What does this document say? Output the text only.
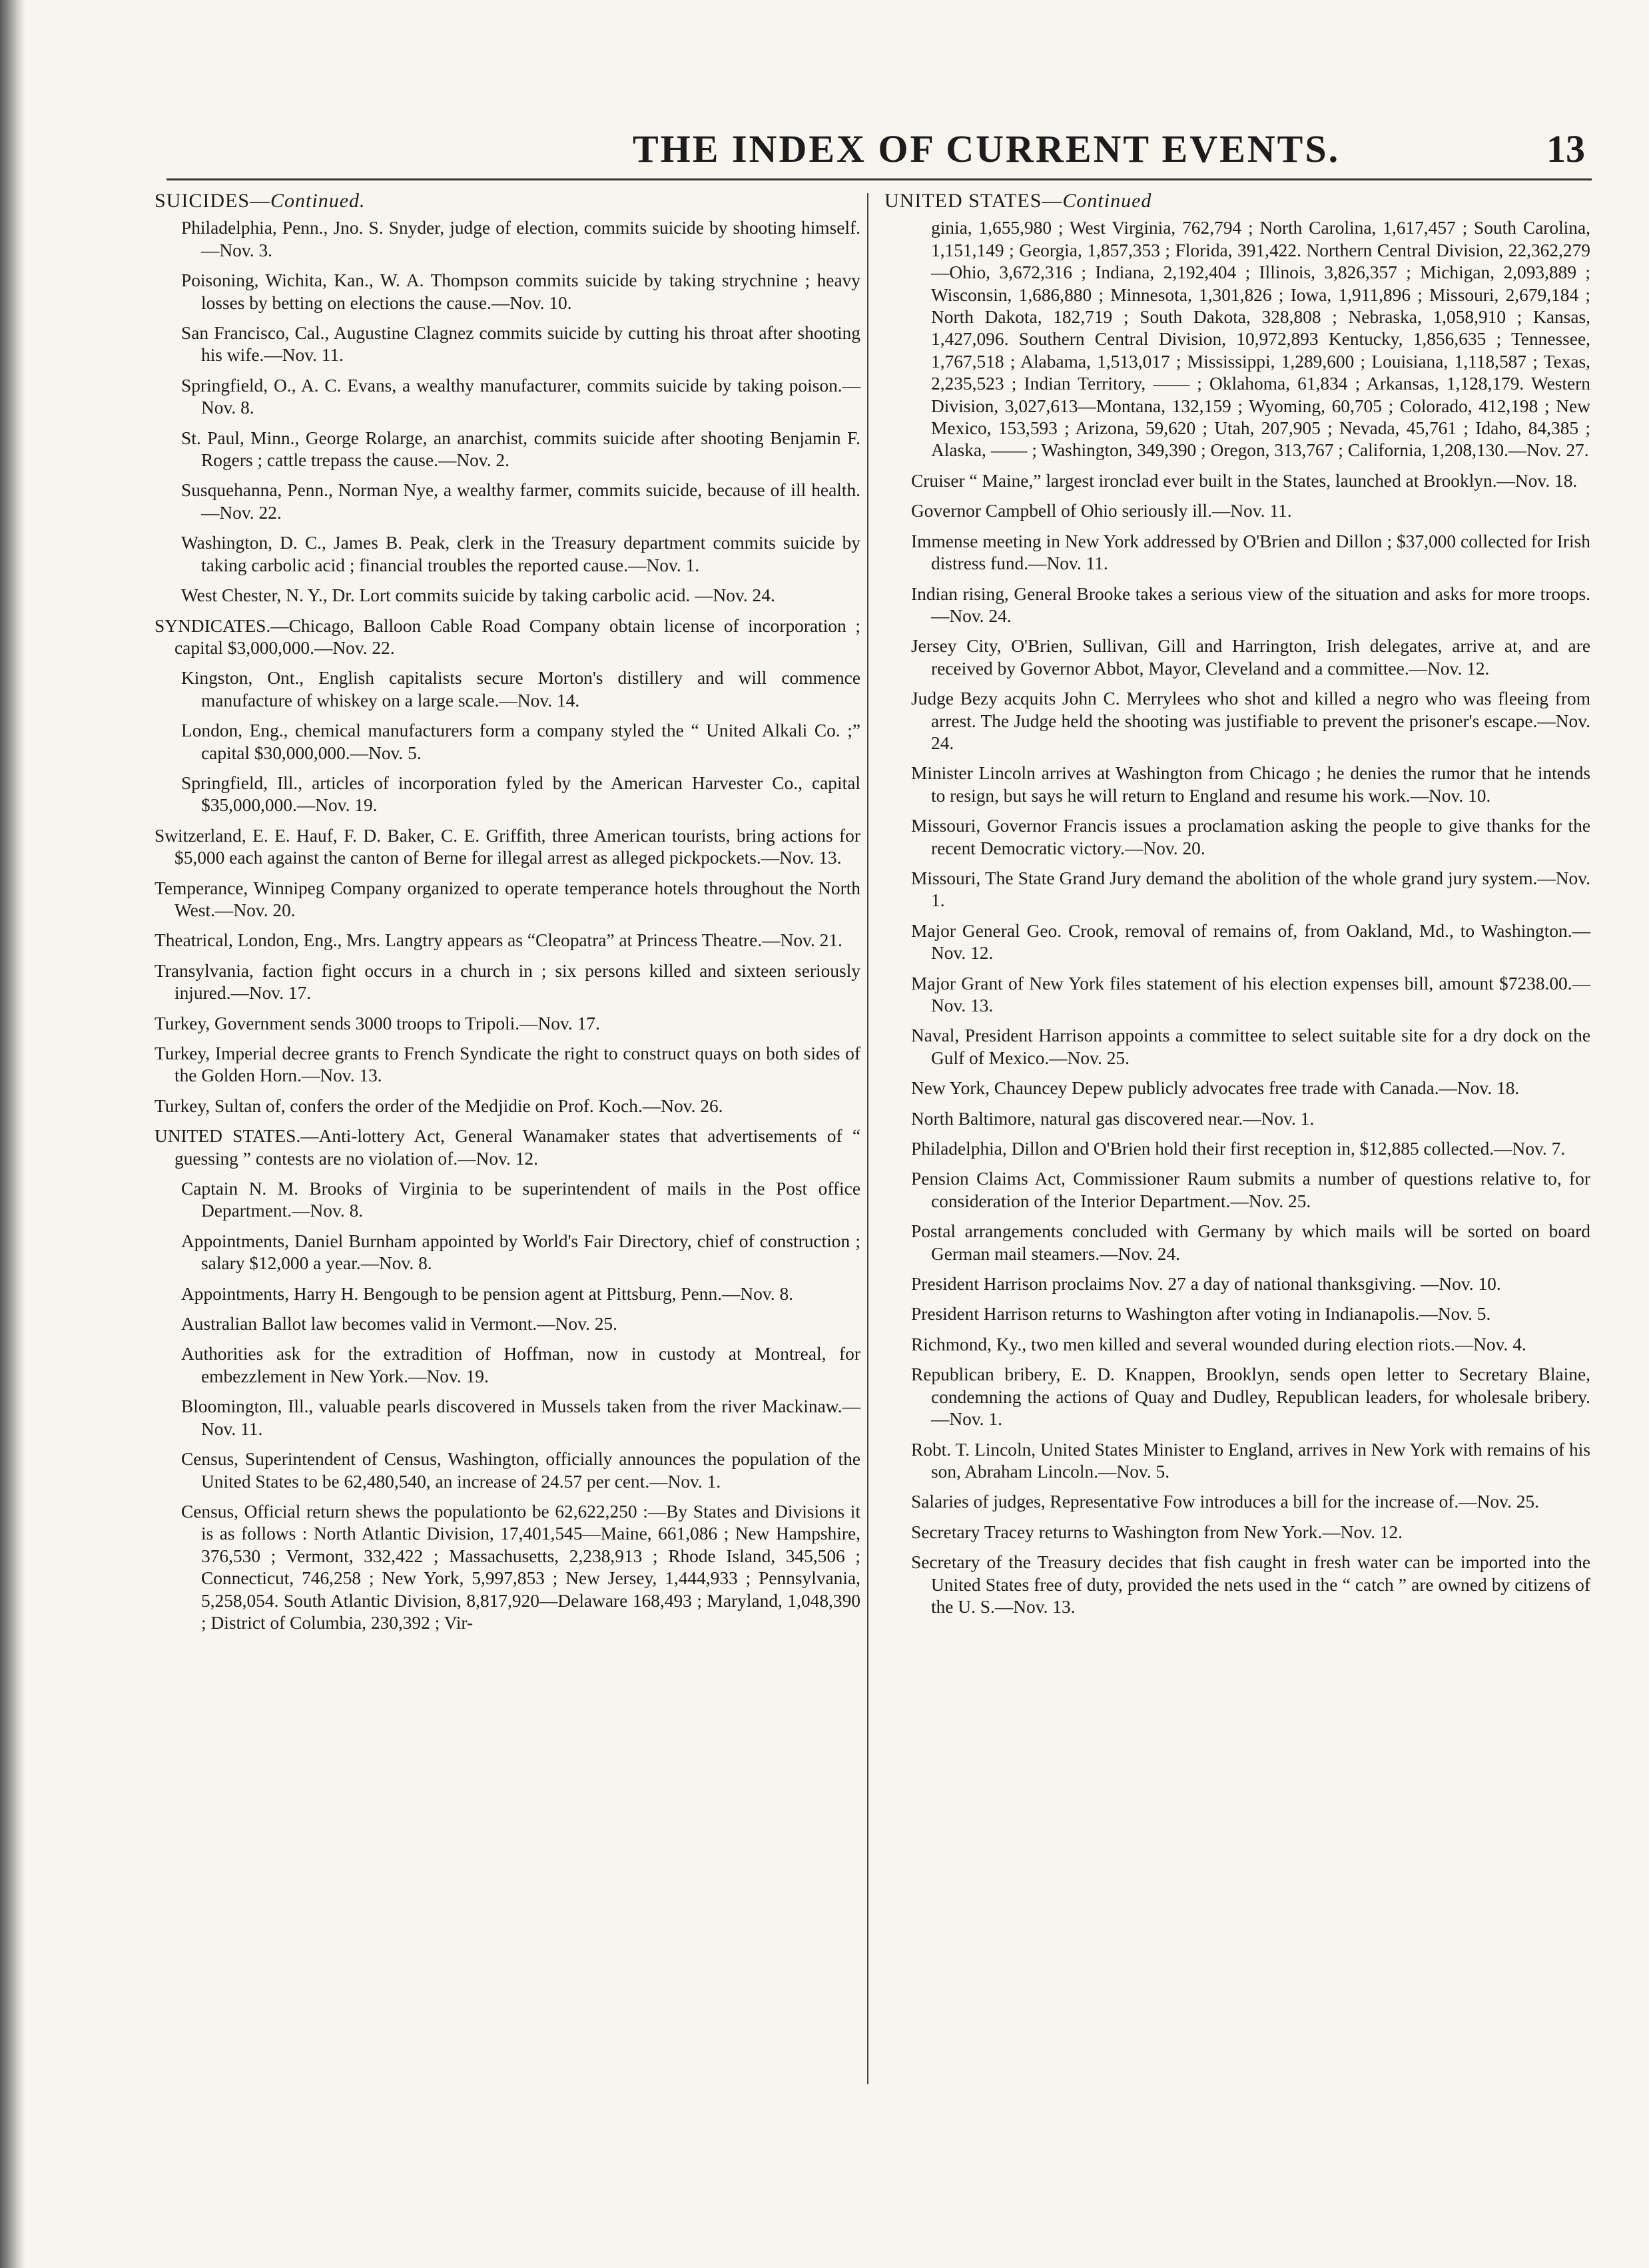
THE INDEX OF CURRENT EVENTS.	13
SUICIDES—Continued.

Philadelphia, Penn., Jno. S. Snyder, judge of election, commits suicide by shooting himself.—Nov. 3.

Poisoning, Wichita, Kan., W. A. Thompson commits suicide by taking strychnine ; heavy losses by betting on elections the cause.—Nov. 10.

San Francisco, Cal., Augustine Clagnez commits suicide by cutting his throat after shooting his wife.—Nov. 11.

Springfield, O., A. C. Evans, a wealthy manufacturer, commits suicide by taking poison.—Nov. 8.

St. Paul, Minn., George Rolarge, an anarchist, commits suicide after shooting Benjamin F. Rogers ; cattle trepass the cause.—Nov. 2.

Susquehanna, Penn., Norman Nye, a wealthy farmer, commits suicide, because of ill health.—Nov. 22.

Washington, D. C., James B. Peak, clerk in the Treasury department commits suicide by taking carbolic acid ; financial troubles the reported cause.—Nov. 1.

West Chester, N. Y., Dr. Lort commits suicide by taking carbolic acid. —Nov. 24.

SYNDICATES.—Chicago, Balloon Cable Road Company obtain license of incorporation ; capital $3,000,000.—Nov. 22.

Kingston, Ont., English capitalists secure Morton's distillery and will commence manufacture of whiskey on a large scale.—Nov. 14.

London, Eng., chemical manufacturers form a company styled the “ United Alkali Co. ;” capital $30,000,000.—Nov. 5.

Springfield, Ill., articles of incorporation fyled by the American Harvester Co., capital $35,000,000.—Nov. 19.

Switzerland, E. E. Hauf, F. D. Baker, C. E. Griffith, three American tourists, bring actions for $5,000 each against the canton of Berne for illegal arrest as alleged pickpockets.—Nov. 13.

Temperance, Winnipeg Company organized to operate temperance hotels throughout the North West.—Nov. 20.

Theatrical, London, Eng., Mrs. Langtry appears as “Cleopatra” at Princess Theatre.—Nov. 21.

Transylvania, faction fight occurs in a church in ; six persons killed and sixteen seriously injured.—Nov. 17.

Turkey, Government sends 3000 troops to Tripoli.—Nov. 17.

Turkey, Imperial decree grants to French Syndicate the right to construct quays on both sides of the Golden Horn.—Nov. 13.

Turkey, Sultan of, confers the order of the Medjidie on Prof. Koch.—Nov. 26.

UNITED STATES.—Anti-lottery Act, General Wanamaker states that advertisements of “ guessing ” contests are no violation of.—Nov. 12.

Captain N. M. Brooks of Virginia to be superintendent of mails in the Post office Department.—Nov. 8.

Appointments, Daniel Burnham appointed by World's Fair Directory, chief of construction ; salary $12,000 a year.—Nov. 8.

Appointments, Harry H. Bengough to be pension agent at Pittsburg, Penn.—Nov. 8.

Australian Ballot law becomes valid in Vermont.—Nov. 25.

Authorities ask for the extradition of Hoffman, now in custody at Montreal, for embezzlement in New York.—Nov. 19.

Bloomington, Ill., valuable pearls discovered in Mussels taken from the river Mackinaw.—Nov. 11.

Census, Superintendent of Census, Washington, officially announces the population of the United States to be 62,480,540, an increase of 24.57 per cent.—Nov. 1.

Census, Official return shews the populationto be 62,622,250 :—By States and Divisions it is as follows : North Atlantic Division, 17,401,545—Maine, 661,086 ; New Hampshire, 376,530 ; Vermont, 332,422 ; Massachusetts, 2,238,913 ; Rhode Island, 345,506 ; Connecticut, 746,258 ; New York, 5,997,853 ; New Jersey, 1,444,933 ; Pennsylvania, 5,258,054. South Atlantic Division, 8,817,920—Delaware 168,493 ; Maryland, 1,048,390 ; District of Columbia, 230,392 ; Vir-

UNITED STATES—Continued

ginia, 1,655,980 ; West Virginia, 762,794 ; North Carolina, 1,617,457 ; South Carolina, 1,151,149 ; Georgia, 1,857,353 ; Florida, 391,422. Northern Central Division, 22,362,279—Ohio, 3,672,316 ; Indiana, 2,192,404 ; Illinois, 3,826,357 ; Michigan, 2,093,889 ; Wisconsin, 1,686,880 ; Minnesota, 1,301,826 ; Iowa, 1,911,896 ; Missouri, 2,679,184 ; North Dakota, 182,719 ; South Dakota, 328,808 ; Nebraska, 1,058,910 ; Kansas, 1,427,096. Southern Central Division, 10,972,893 Kentucky, 1,856,635 ; Tennessee, 1,767,518 ; Alabama, 1,513,017 ; Mississippi, 1,289,600 ; Louisiana, 1,118,587 ; Texas, 2,235,523 ; Indian Territory, —— ; Oklahoma, 61,834 ; Arkansas, 1,128,179. Western Division, 3,027,613—Montana, 132,159 ; Wyoming, 60,705 ; Colorado, 412,198 ; New Mexico, 153,593 ; Arizona, 59,620 ; Utah, 207,905 ; Nevada, 45,761 ; Idaho, 84,385 ; Alaska, —— ; Washington, 349,390 ; Oregon, 313,767 ; California, 1,208,130.—Nov. 27.

Cruiser “ Maine,” largest ironclad ever built in the States, launched at Brooklyn.—Nov. 18.

Governor Campbell of Ohio seriously ill.—Nov. 11.

Immense meeting in New York addressed by O'Brien and Dillon ; $37,000 collected for Irish distress fund.—Nov. 11.

Indian rising, General Brooke takes a serious view of the situation and asks for more troops.—Nov. 24.

Jersey City, O'Brien, Sullivan, Gill and Harrington, Irish delegates, arrive at, and are received by Governor Abbot, Mayor, Cleveland and a committee.—Nov. 12.

Judge Bezy acquits John C. Merrylees who shot and killed a negro who was fleeing from arrest. The Judge held the shooting was justifiable to prevent the prisoner's escape.—Nov. 24.

Minister Lincoln arrives at Washington from Chicago ; he denies the rumor that he intends to resign, but says he will return to England and resume his work.—Nov. 10.

Missouri, Governor Francis issues a proclamation asking the people to give thanks for the recent Democratic victory.—Nov. 20.

Missouri, The State Grand Jury demand the abolition of the whole grand jury system.—Nov. 1.

Major General Geo. Crook, removal of remains of, from Oakland, Md., to Washington.—Nov. 12.

Major Grant of New York files statement of his election expenses bill, amount $7238.00.—Nov. 13.

Naval, President Harrison appoints a committee to select suitable site for a dry dock on the Gulf of Mexico.—Nov. 25.

New York, Chauncey Depew publicly advocates free trade with Canada.—Nov. 18.

North Baltimore, natural gas discovered near.—Nov. 1.

Philadelphia, Dillon and O'Brien hold their first reception in, $12,885 collected.—Nov. 7.

Pension Claims Act, Commissioner Raum submits a number of questions relative to, for consideration of the Interior Department.—Nov. 25.

Postal arrangements concluded with Germany by which mails will be sorted on board German mail steamers.—Nov. 24.

President Harrison proclaims Nov. 27 a day of national thanksgiving. —Nov. 10.

President Harrison returns to Washington after voting in Indianapolis.—Nov. 5.

Richmond, Ky., two men killed and several wounded during election riots.—Nov. 4.

Republican bribery, E. D. Knappen, Brooklyn, sends open letter to Secretary Blaine, condemning the actions of Quay and Dudley, Republican leaders, for wholesale bribery.—Nov. 1.

Robt. T. Lincoln, United States Minister to England, arrives in New York with remains of his son, Abraham Lincoln.—Nov. 5.

Salaries of judges, Representative Fow introduces a bill for the increase of.—Nov. 25.

Secretary Tracey returns to Washington from New York.—Nov. 12.

Secretary of the Treasury decides that fish caught in fresh water can be imported into the United States free of duty, provided the nets used in the “ catch ” are owned by citizens of the U. S.—Nov. 13.
